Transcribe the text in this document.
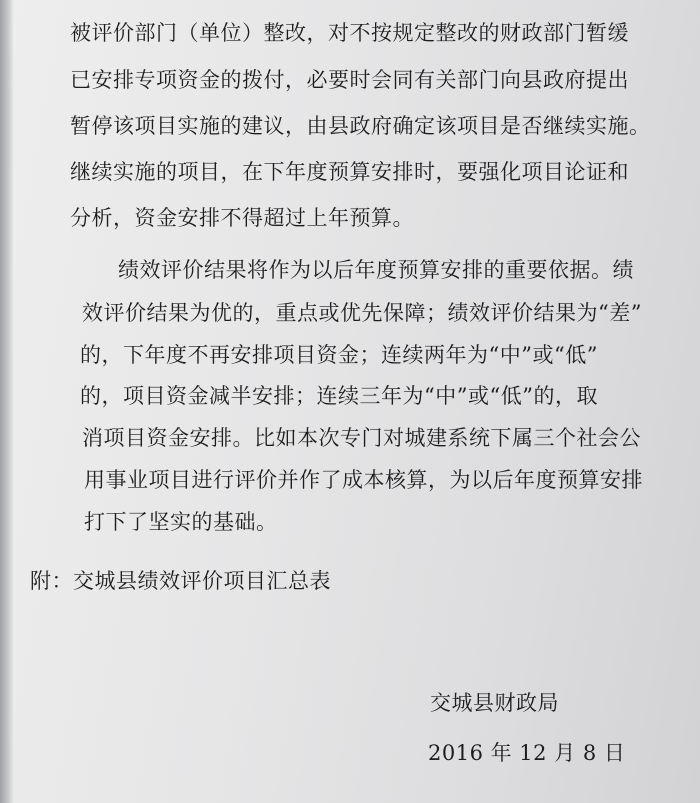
被评价部门（单位）整改，对不按规定整改的财政部门暂缓
已安排专项资金的拨付，必要时会同有关部门向县政府提出
暂停该项目实施的建议，由县政府确定该项目是否继续实施。
继续实施的项目，在下年度预算安排时，要强化项目论证和
分析，资金安排不得超过上年预算。
绩效评价结果将作为以后年度预算安排的重要依据。绩
效评价结果为优的，重点或优先保障；绩效评价结果为“差”
的，下年度不再安排项目资金；连续两年为“中”或“低”
的，项目资金减半安排；连续三年为“中”或“低”的，取
消项目资金安排。比如本次专门对城建系统下属三个社会公
用事业项目进行评价并作了成本核算，为以后年度预算安排
打下了坚实的基础。
附：交城县绩效评价项目汇总表
交城县财政局
2016 年 12 月 8 日
